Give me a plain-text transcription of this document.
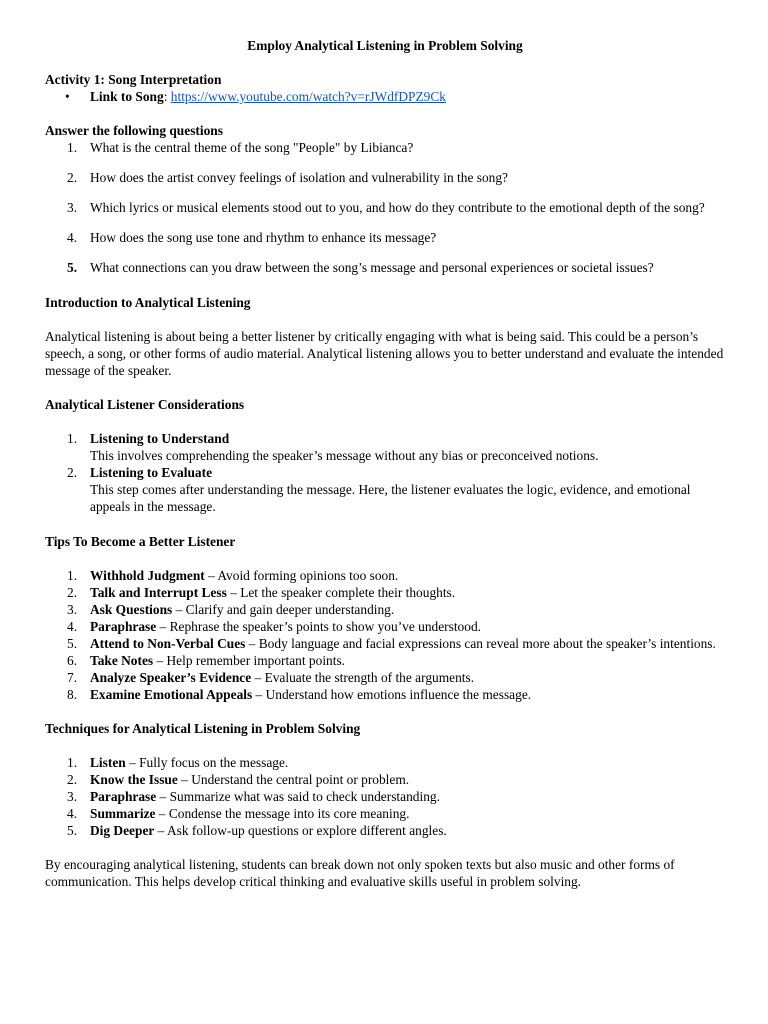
Employ Analytical Listening in Problem Solving
Activity 1: Song Interpretation
• Link to Song: https://www.youtube.com/watch?v=rJWdfDPZ9Ck
Answer the following questions
1. What is the central theme of the song "People" by Libianca?
2. How does the artist convey feelings of isolation and vulnerability in the song?
3. Which lyrics or musical elements stood out to you, and how do they contribute to the emotional depth of the song?
4. How does the song use tone and rhythm to enhance its message?
5. What connections can you draw between the song’s message and personal experiences or societal issues?
Introduction to Analytical Listening

Analytical listening is about being a better listener by critically engaging with what is being said. This could be a person’s speech, a song, or other forms of audio material. Analytical listening allows you to better understand and evaluate the intended message of the speaker.

Analytical Listener Considerations
1. Listening to Understand
This involves comprehending the speaker’s message without any bias or preconceived notions.
2. Listening to Evaluate
This step comes after understanding the message. Here, the listener evaluates the logic, evidence, and emotional appeals in the message.
Tips To Become a Better Listener
1. Withhold Judgment – Avoid forming opinions too soon.
2. Talk and Interrupt Less – Let the speaker complete their thoughts.
3. Ask Questions – Clarify and gain deeper understanding.
4. Paraphrase – Rephrase the speaker’s points to show you’ve understood.
5. Attend to Non-Verbal Cues – Body language and facial expressions can reveal more about the speaker’s intentions.
6. Take Notes – Help remember important points.
7. Analyze Speaker’s Evidence – Evaluate the strength of the arguments.
8. Examine Emotional Appeals – Understand how emotions influence the message.
Techniques for Analytical Listening in Problem Solving
1. Listen – Fully focus on the message.
2. Know the Issue – Understand the central point or problem.
3. Paraphrase – Summarize what was said to check understanding.
4. Summarize – Condense the message into its core meaning.
5. Dig Deeper – Ask follow-up questions or explore different angles.

By encouraging analytical listening, students can break down not only spoken texts but also music and other forms of communication. This helps develop critical thinking and evaluative skills useful in problem solving.
